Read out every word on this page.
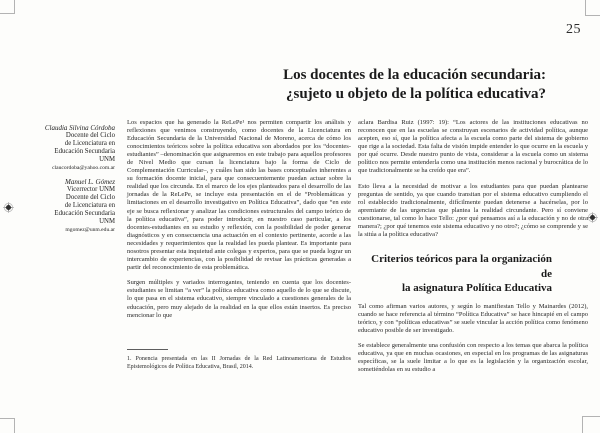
25
Los docentes de la educación secundaria:
¿sujeto u objeto de la política educativa?
Claudia Silvina Córdoba
Docente del Ciclo
de Licenciatura en
Educación Secundaria
UNM
claucordoba@yahoo.com.ar
Manuel L. Gómez
Vicerrector UNM
Docente del Ciclo
de Licenciatura en
Educación Secundaria
UNM
mgomez@unm.edu.ar

Los espacios que ha generado la ReLePe¹ nos permiten compartir los análisis y reflexiones que venimos construyendo, como docentes de la Licenciatura en Educación Secundaria de la Universidad Nacional de Moreno, acerca de cómo los conocimientos teóricos sobre la política educativa son abordados por los “docentes-estudiantes” –denominación que asignaremos en este trabajo para aquellos profesores de Nivel Medio que cursan la licenciatura bajo la forma de Ciclo de Complementación Curricular–, y cuáles han sido las bases conceptuales inherentes a su formación docente inicial, para que consecuentemente puedan actuar sobre la realidad que los circunda. En el marco de los ejes planteados para el desarrollo de las jornadas de la ReLePe, se incluye esta presentación en el de “Problemáticas y limitaciones en el desarrollo investigativo en Política Educativa”, dado que “en este eje se busca reflexionar y analizar las condiciones estructurales del campo teórico de la política educativa”, para poder introducir, en nuestro caso particular, a los docentes-estudiantes en su estudio y reflexión, con la posibilidad de poder generar diagnósticos y en consecuencia una actuación en el contexto pertinente, acorde a las necesidades y requerimientos que la realidad les pueda plantear. Es importante para nosotros presentar esta inquietud ante colegas y expertos, para que se pueda lograr un intercambio de experiencias, con la posibilidad de revisar las prácticas generadas a partir del reconocimiento de esta problemática.

Surgen múltiples y variados interrogantes, teniendo en cuenta que los docentes-estudiantes se limitan “a ver” la política educativa como aquello de lo que se discute, lo que pasa en el sistema educativo, siempre vinculado a cuestiones generales de la educación, pero muy alejado de la realidad en la que ellos están insertos. Es preciso mencionar lo que

aclara Bardisa Ruiz (1997: 19): “Los actores de las instituciones educativas no reconocen que en las escuelas se construyan escenarios de actividad política, aunque acepten, eso sí, que la política afecta a la escuela como parte del sistema de gobierno que rige a la sociedad. Esta falta de visión impide entender lo que ocurre en la escuela y por qué ocurre. Desde nuestro punto de vista, considerar a la escuela como un sistema político nos permite entenderla como una institución menos racional y burocrática de lo que tradicionalmente se ha creído que era”.

Esto lleva a la necesidad de motivar a los estudiantes para que puedan plantearse preguntas de sentido, ya que cuando transitan por el sistema educativo cumpliendo el rol establecido tradicionalmente, difícilmente puedan detenerse a hacérselas, por lo apremiante de las urgencias que plantea la realidad circundante. Pero sí conviene cuestionarse, tal como lo hace Tello: ¿por qué pensamos así a la educación y no de otra manera?; ¿por qué tenemos este sistema educativo y no otro?; ¿cómo se comprende y se la sitúa a la política educativa?

Criterios teóricos para la organización de
la asignatura Política Educativa

Tal como afirman varios autores, y según lo manifiestan Tello y Mainardes (2012), cuando se hace referencia al término “Política Educativa” se hace hincapié en el campo teórico, y con “políticas educativas” se suele vincular la acción política como fenómeno educativo posible de ser investigado.

Se establece generalmente una confusión con respecto a los temas que abarca la política educativa, ya que en muchas ocasiones, en especial en los programas de las asignaturas específicas, se la suele limitar a lo que es la legislación y la organización escolar, sometiéndolas en su estudio a

1. Ponencia presentada en las II Jornadas de la Red Latinoamericana de Estudios Epistemológicos de Política Educativa, Brasil, 2014.
